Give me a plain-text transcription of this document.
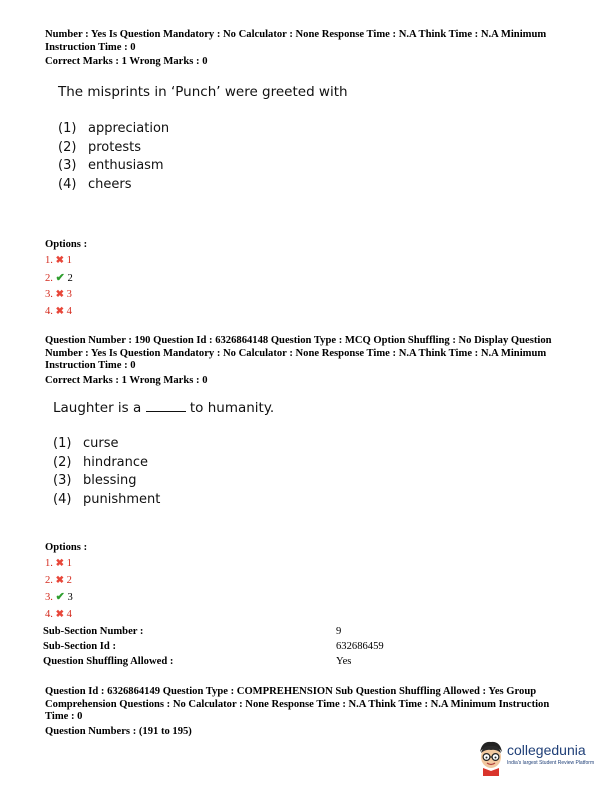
Number : Yes Is Question Mandatory : No Calculator : None Response Time : N.A Think Time : N.A Minimum
Instruction Time : 0
Correct Marks : 1 Wrong Marks : 0
The misprints in ‘Punch’ were greeted with
(1) appreciation
(2) protests
(3) enthusiasm
(4) cheers
Options :
1. ✖ 1
2. ✔ 2
3. ✖ 3
4. ✖ 4
Question Number : 190 Question Id : 6326864148 Question Type : MCQ Option Shuffling : No Display Question
Number : Yes Is Question Mandatory : No Calculator : None Response Time : N.A Think Time : N.A Minimum
Instruction Time : 0
Correct Marks : 1 Wrong Marks : 0
Laughter is a	to humanity.
(1) curse
(2) hindrance
(3) blessing
(4) punishment
Options :
1. ✖ 1
2. ✖ 2
3. ✔ 3
4. ✖ 4
Sub-Section Number :
Sub-Section Id :
Question Shuffling Allowed :
9
632686459
Yes
Question Id : 6326864149 Question Type : COMPREHENSION Sub Question Shuffling Allowed : Yes Group
Comprehension Questions : No Calculator : None Response Time : N.A Think Time : N.A Minimum Instruction
Time : 0
Question Numbers : (191 to 195)
collegedunia
India's largest Student Review Platform
